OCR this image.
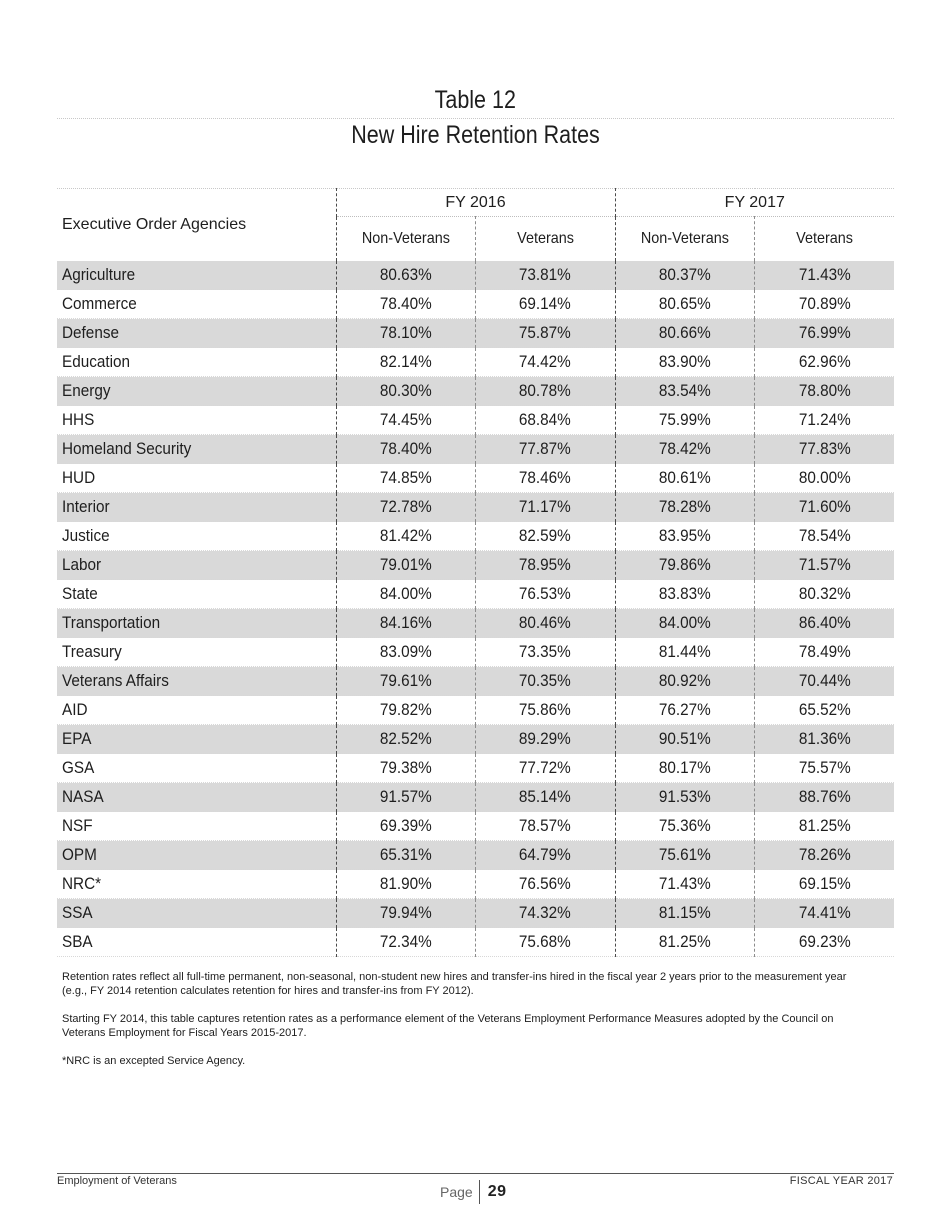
Table 12
New Hire Retention Rates
Executive Order Agencies	FY 2016		FY 2017	
	Non-Veterans	Veterans	Non-Veterans	Veterans
Agriculture	80.63%	73.81%	80.37%	71.43%
Commerce	78.40%	69.14%	80.65%	70.89%
Defense	78.10%	75.87%	80.66%	76.99%
Education	82.14%	74.42%	83.90%	62.96%
Energy	80.30%	80.78%	83.54%	78.80%
HHS	74.45%	68.84%	75.99%	71.24%
Homeland Security	78.40%	77.87%	78.42%	77.83%
HUD	74.85%	78.46%	80.61%	80.00%
Interior	72.78%	71.17%	78.28%	71.60%
Justice	81.42%	82.59%	83.95%	78.54%
Labor	79.01%	78.95%	79.86%	71.57%
State	84.00%	76.53%	83.83%	80.32%
Transportation	84.16%	80.46%	84.00%	86.40%
Treasury	83.09%	73.35%	81.44%	78.49%
Veterans Affairs	79.61%	70.35%	80.92%	70.44%
AID	79.82%	75.86%	76.27%	65.52%
EPA	82.52%	89.29%	90.51%	81.36%
GSA	79.38%	77.72%	80.17%	75.57%
NASA	91.57%	85.14%	91.53%	88.76%
NSF	69.39%	78.57%	75.36%	81.25%
OPM	65.31%	64.79%	75.61%	78.26%
NRC*	81.90%	76.56%	71.43%	69.15%
SSA	79.94%	74.32%	81.15%	74.41%
SBA	72.34%	75.68%	81.25%	69.23%

Retention rates reflect all full-time permanent, non-seasonal, non-student new hires and transfer-ins hired in the fiscal year 2 years prior to the measurement year (e.g., FY 2014 retention calculates retention for hires and transfer-ins from FY 2012).

Starting FY 2014, this table captures retention rates as a performance element of the Veterans Employment Performance Measures adopted by the Council on Veterans Employment for Fiscal Years 2015-2017.

*NRC is an excepted Service Agency.

Employment of Veterans
Page 29
FISCAL YEAR 2017
